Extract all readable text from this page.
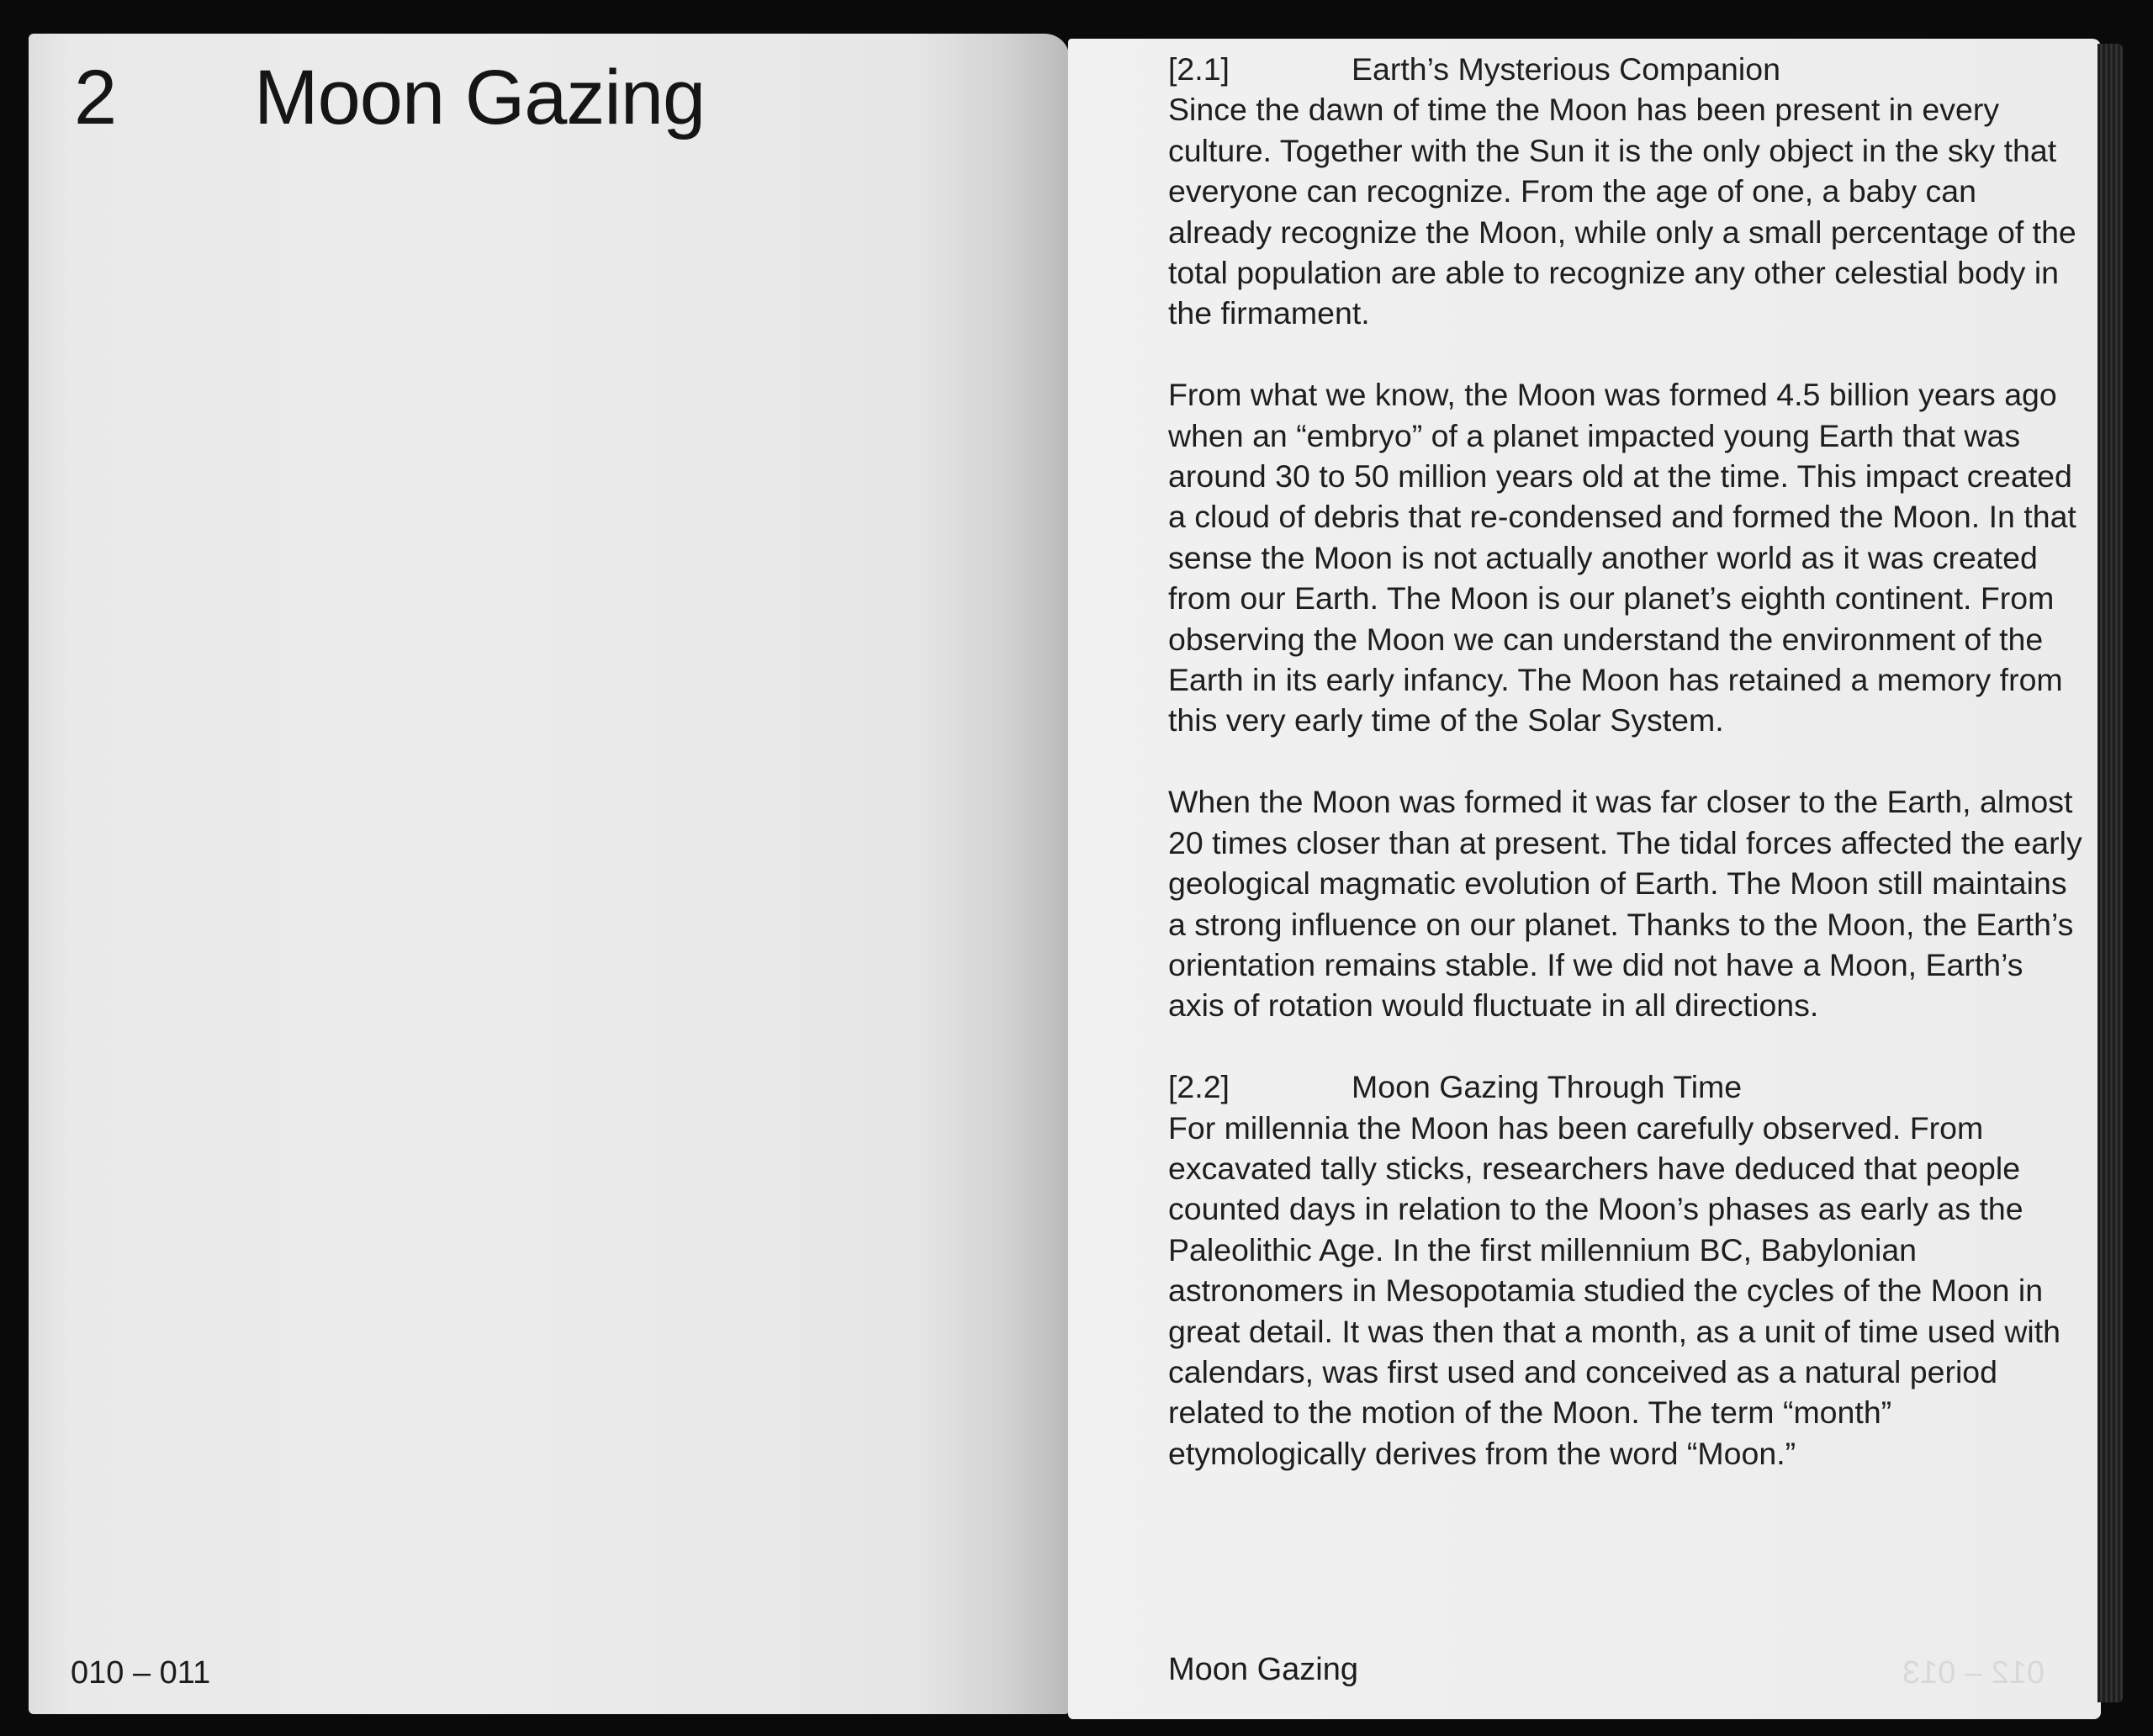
2 Moon Gazing
010 – 011
[2.1]	Earth’s Mysterious Companion

Since the dawn of time the Moon has been present in every culture. Together with the Sun it is the only object in the sky that everyone can recognize. From the age of one, a baby can already recognize the Moon, while only a small percentage of the total population are able to recognize any other celestial body in the firmament.

From what we know, the Moon was formed 4.5 billion years ago when an “embryo” of a planet impacted young Earth that was around 30 to 50 million years old at the time. This impact created a cloud of debris that re-condensed and formed the Moon. In that sense the Moon is not actually another world as it was created from our Earth. The Moon is our planet’s eighth continent. From observing the Moon we can understand the environment of the Earth in its early infancy. The Moon has retained a memory from this very early time of the Solar System.

When the Moon was formed it was far closer to the Earth, almost 20 times closer than at present. The tidal forces affected the early geological magmatic evolution of Earth. The Moon still maintains a strong influence on our planet. Thanks to the Moon, the Earth’s orientation remains stable. If we did not have a Moon, Earth’s axis of rotation would fluctuate in all directions.

[2.2]	Moon Gazing Through Time

For millennia the Moon has been carefully observed. From excavated tally sticks, researchers have deduced that people counted days in relation to the Moon’s phases as early as the Paleolithic Age. In the first millennium BC, Babylonian astronomers in Mesopotamia studied the cycles of the Moon in great detail. It was then that a month, as a unit of time used with calendars, was first used and conceived as a natural period related to the motion of the Moon. The term “month” etymologically derives from the word “Moon.”

Moon Gazing	012 – 013
